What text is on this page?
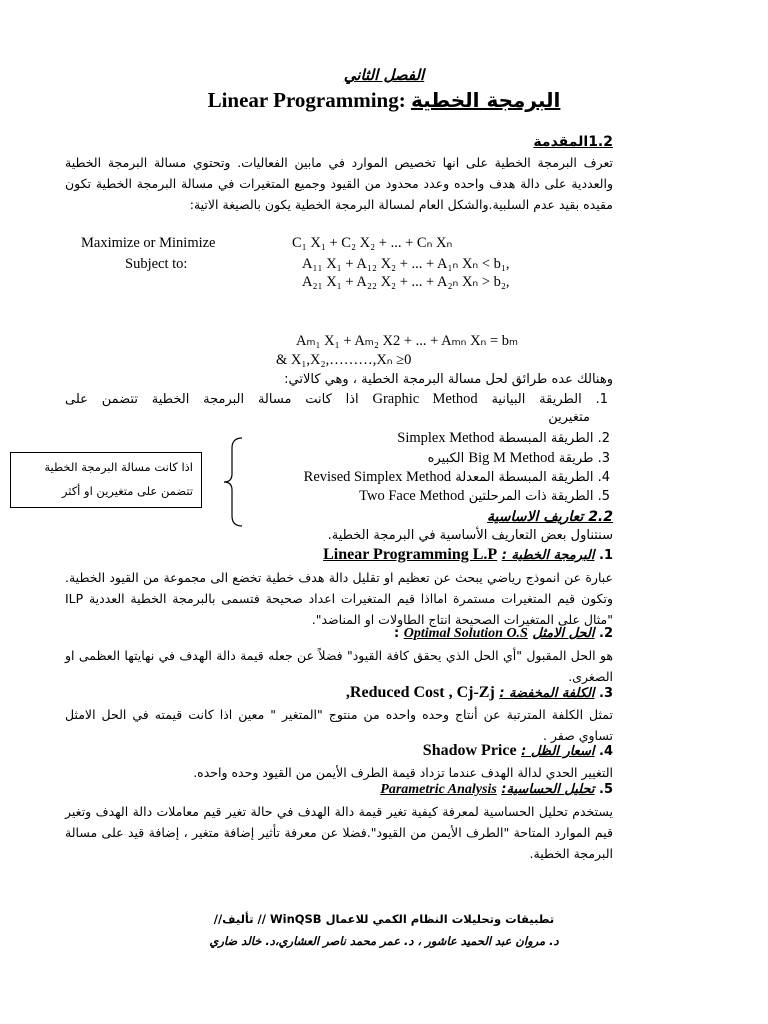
الفصل الثاني
Linear Programming: البرمجة الخطية
1.2المقدمة
تعرف البرمجة الخطية على انها تخصيص الموارد في مابين الفعاليات. وتحتوي مسالة البرمجة الخطية والعددية على دالة هدف واحده وعدد محدود من القيود وجميع المتغيرات في مسالة البرمجة الخطية تكون مقيده بقيد عدم السلبية.والشكل العام لمسالة البرمجة الخطية يكون بالصيغة الاتية:
Maximize or Minimize	C₁ X₁ + C₂ X₂ + ... + Cₙ Xₙ
Subject to:	A₁₁ X₁ + A₁₂ X₂ + ... + A₁ₙ Xₙ < b₁,
A₂₁ X₁ + A₂₂ X₂ + ... + A₂ₙ Xₙ > b₂,
Aₘ₁ X₁ + Aₘ₂ X2 + ... + Aₘₙ Xₙ = bₘ
& X₁,X₂,………,Xₙ ≥0
وهنالك عده طرائق لحل مسالة البرمجة الخطية ، وهي كالاتي:
1. الطريقة البيانية Graphic Method اذا كانت مسالة البرمجة الخطية تتضمن على
متغيرين
2. الطريقة المبسطة Simplex Method
3. طريقة Big M Method الكبيره
4. الطريقة المبسطة المعدلة Revised Simplex Method
5. الطريقة ذات المرحلتين Two Face Method
اذا كانت مسالة البرمجة الخطية تتضمن على متغيرين او أكثر
2.2 تعاريف الاساسية
سنتناول بعض التعاريف الأساسية في البرمجة الخطية.
1. البرمجة الخطية : Linear Programming L.P
عبارة عن انموذج رياضي يبحث عن تعظيم او تقليل دالة هدف خطية تخضع الى مجموعة من القيود الخطية. وتكون قيم المتغيرات مستمرة امااذا قيم المتغيرات اعداد صحيحة فتسمى بالبرمجة الخطية العددية ILP "مثال على المتغيرات الصحيحة انتاج الطاولات او المناضد".
2. الحل الامثل Optimal Solution O.S :
هو الحل المقبول "أي الحل الذي يحقق كافة القيود" فضلاً عن جعله قيمة دالة الهدف في نهايتها العظمى او الصغرى.
3. الكلفة المخفضة : Reduced Cost , Cj-Zj,
تمثل الكلفة المترتبة عن أنتاج وحده واحده من منتوج "المتغير " معين اذا كانت قيمته في الحل الامثل تساوي صفر .
4. اسعار الظل : Shadow Price
التغيير الحدي لدالة الهدف عندما تزداد قيمة الطرف الأيمن من القيود وحده واحده.
5. تحليل الحساسية: Parametric Analysis
يستخدم تحليل الحساسية لمعرفة كيفية تغير قيمة دالة الهدف في حالة تغير قيم معاملات دالة الهدف وتغير قيم الموارد المتاحة "الطرف الأيمن من القيود".فضلا عن معرفة تأثير إضافة متغير ، إضافة قيد على مسالة البرمجة الخطية.
تطبيقات وتحليلات النظام الكمي للاعمال WinQSB // تأليف//
د. مروان عبد الحميد عاشور ، د. عمر محمد ناصر العشاري،د. خالد ضاري
